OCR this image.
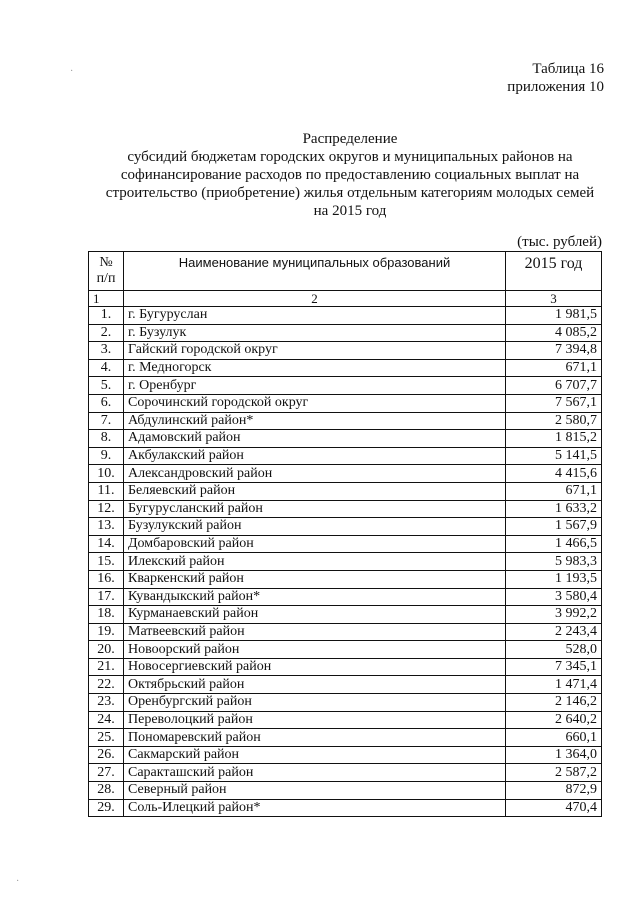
Таблица 16
приложения 10
Распределение
субсидий бюджетам городских округов и муниципальных районов на
софинансирование расходов по предоставлению социальных выплат на
строительство (приобретение) жилья отдельным категориям молодых семей
на 2015 год
(тыс. рублей)
№
п/п	Наименование муниципальных образований	2015 год
1	2	3
1.	г. Бугуруслан	1 981,5
2.	г. Бузулук	4 085,2
3.	Гайский городской округ	7 394,8
4.	г. Медногорск	671,1
5.	г. Оренбург	6 707,7
6.	Сорочинский городской округ	7 567,1
7.	Абдулинский район*	2 580,7
8.	Адамовский район	1 815,2
9.	Акбулакский район	5 141,5
10.	Александровский район	4 415,6
11.	Беляевский район	671,1
12.	Бугурусланский район	1 633,2
13.	Бузулукский район	1 567,9
14.	Домбаровский район	1 466,5
15.	Илекский район	5 983,3
16.	Кваркенский район	1 193,5
17.	Кувандыкский район*	3 580,4
18.	Курманаевский район	3 992,2
19.	Матвеевский район	2 243,4
20.	Новоорский район	528,0
21.	Новосергиевский район	7 345,1
22.	Октябрьский район	1 471,4
23.	Оренбургский район	2 146,2
24.	Переволоцкий район	2 640,2
25.	Пономаревский район	660,1
26.	Сакмарский район	1 364,0
27.	Саракташский район	2 587,2
28.	Северный район	872,9
29.	Соль-Илецкий район*	470,4
·
·
